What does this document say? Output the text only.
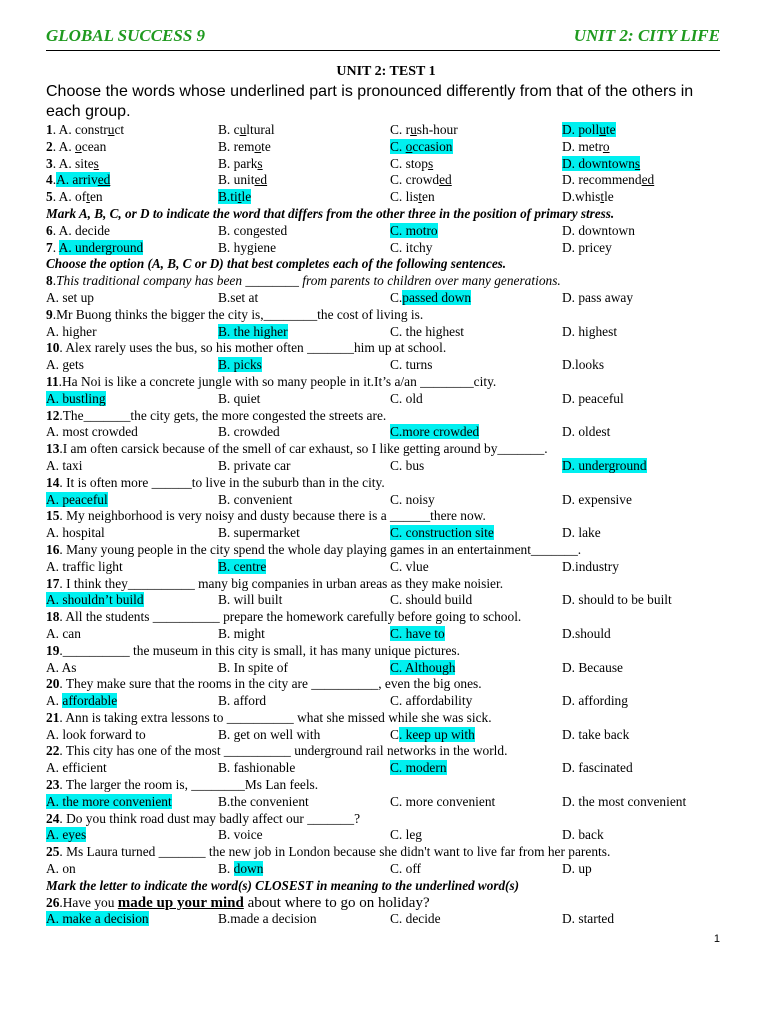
GLOBAL SUCCESS 9	UNIT 2: CITY LIFE
UNIT 2: TEST 1
Choose the words whose underlined part is pronounced differently from that of the others in each group.
1. A. construct	B. cultural	C. rush-hour	D. pollute
2. A. ocean	B. remote	C. occasion	D. metro
3. A. sites	B. parks	C. stops	D. downtowns
4.A. arrived	B. united	C. crowded	D. recommended
5. A. often	B.title	C. listen	D.whistle
Mark A, B, C, or D to indicate the word that differs from the other three in the position of primary stress.
6. A. decide	B. congested	C. motro	D. downtown
7. A. underground	B. hygiene	C. itchy	D. pricey
Choose the option (A, B, C or D) that best completes each of the following sentences.
8.This traditional company has been ________ from parents to children over many generations.
A. set up	B.set at	C.passed down	D. pass away
9.Mr Buong thinks the bigger the city is,________the cost of living is.
A. higher	B. the higher	C. the highest	D. highest
10. Alex rarely uses the bus, so his mother often _______him up at school.
A. gets	B. picks	C. turns	D.looks
11.Ha Noi is like a concrete jungle with so many people in it.It’s a/an ________city.
A. bustling	B. quiet	C. old	D. peaceful
12.The_______the city gets, the more congested the streets are.
A. most crowded	B. crowded	C.more crowded	D. oldest
13.I am often carsick because of the smell of car exhaust, so I like getting around by_______.
A. taxi	B. private car	C. bus	D. underground
14. It is often more ______to live in the suburb than in the city.
A. peaceful	B. convenient	C. noisy	D. expensive
15. My neighborhood is very noisy and dusty because there is a ______there now.
A. hospital	B. supermarket	C. construction site	D. lake
16. Many young people in the city spend the whole day playing games in an entertainment_______.
A. traffic light	B. centre	C. vlue	D.industry
17. I think they__________ many big companies in urban areas as they make noisier.
A. shouldn’t build	B. will built	C. should build	D. should to be built
18. All the students __________ prepare the homework carefully before going to school.
A. can	B. might	C. have to	D.should
19.__________ the museum in this city is small, it has many unique pictures.
A. As	B. In spite of	C. Although	D. Because
20. They make sure that the rooms in the city are __________, even the big ones.
A. affordable	B. afford	C. affordability	D. affording
21. Ann is taking extra lessons to __________ what she missed while she was sick.
A. look forward to	B. get on well with	C. keep up with	D. take back
22. This city has one of the most __________ underground rail networks in the world.
A. efficient	B. fashionable	C. modern	D. fascinated
23. The larger the room is, ________Ms Lan feels.
A. the more convenient	B.the convenient	C. more convenient	D. the most convenient
24. Do you think road dust may badly affect our _______?
A. eyes	B. voice	C. leg	D. back
25. Ms Laura turned _______ the new job in London because she didn't want to live far from her parents.
A. on	B. down	C. off	D. up
Mark the letter to indicate the word(s) CLOSEST in meaning to the underlined word(s)
26.Have you made up your mind about where to go on holiday?
A. make a decision	B.made a decision	C. decide	D. started
1
